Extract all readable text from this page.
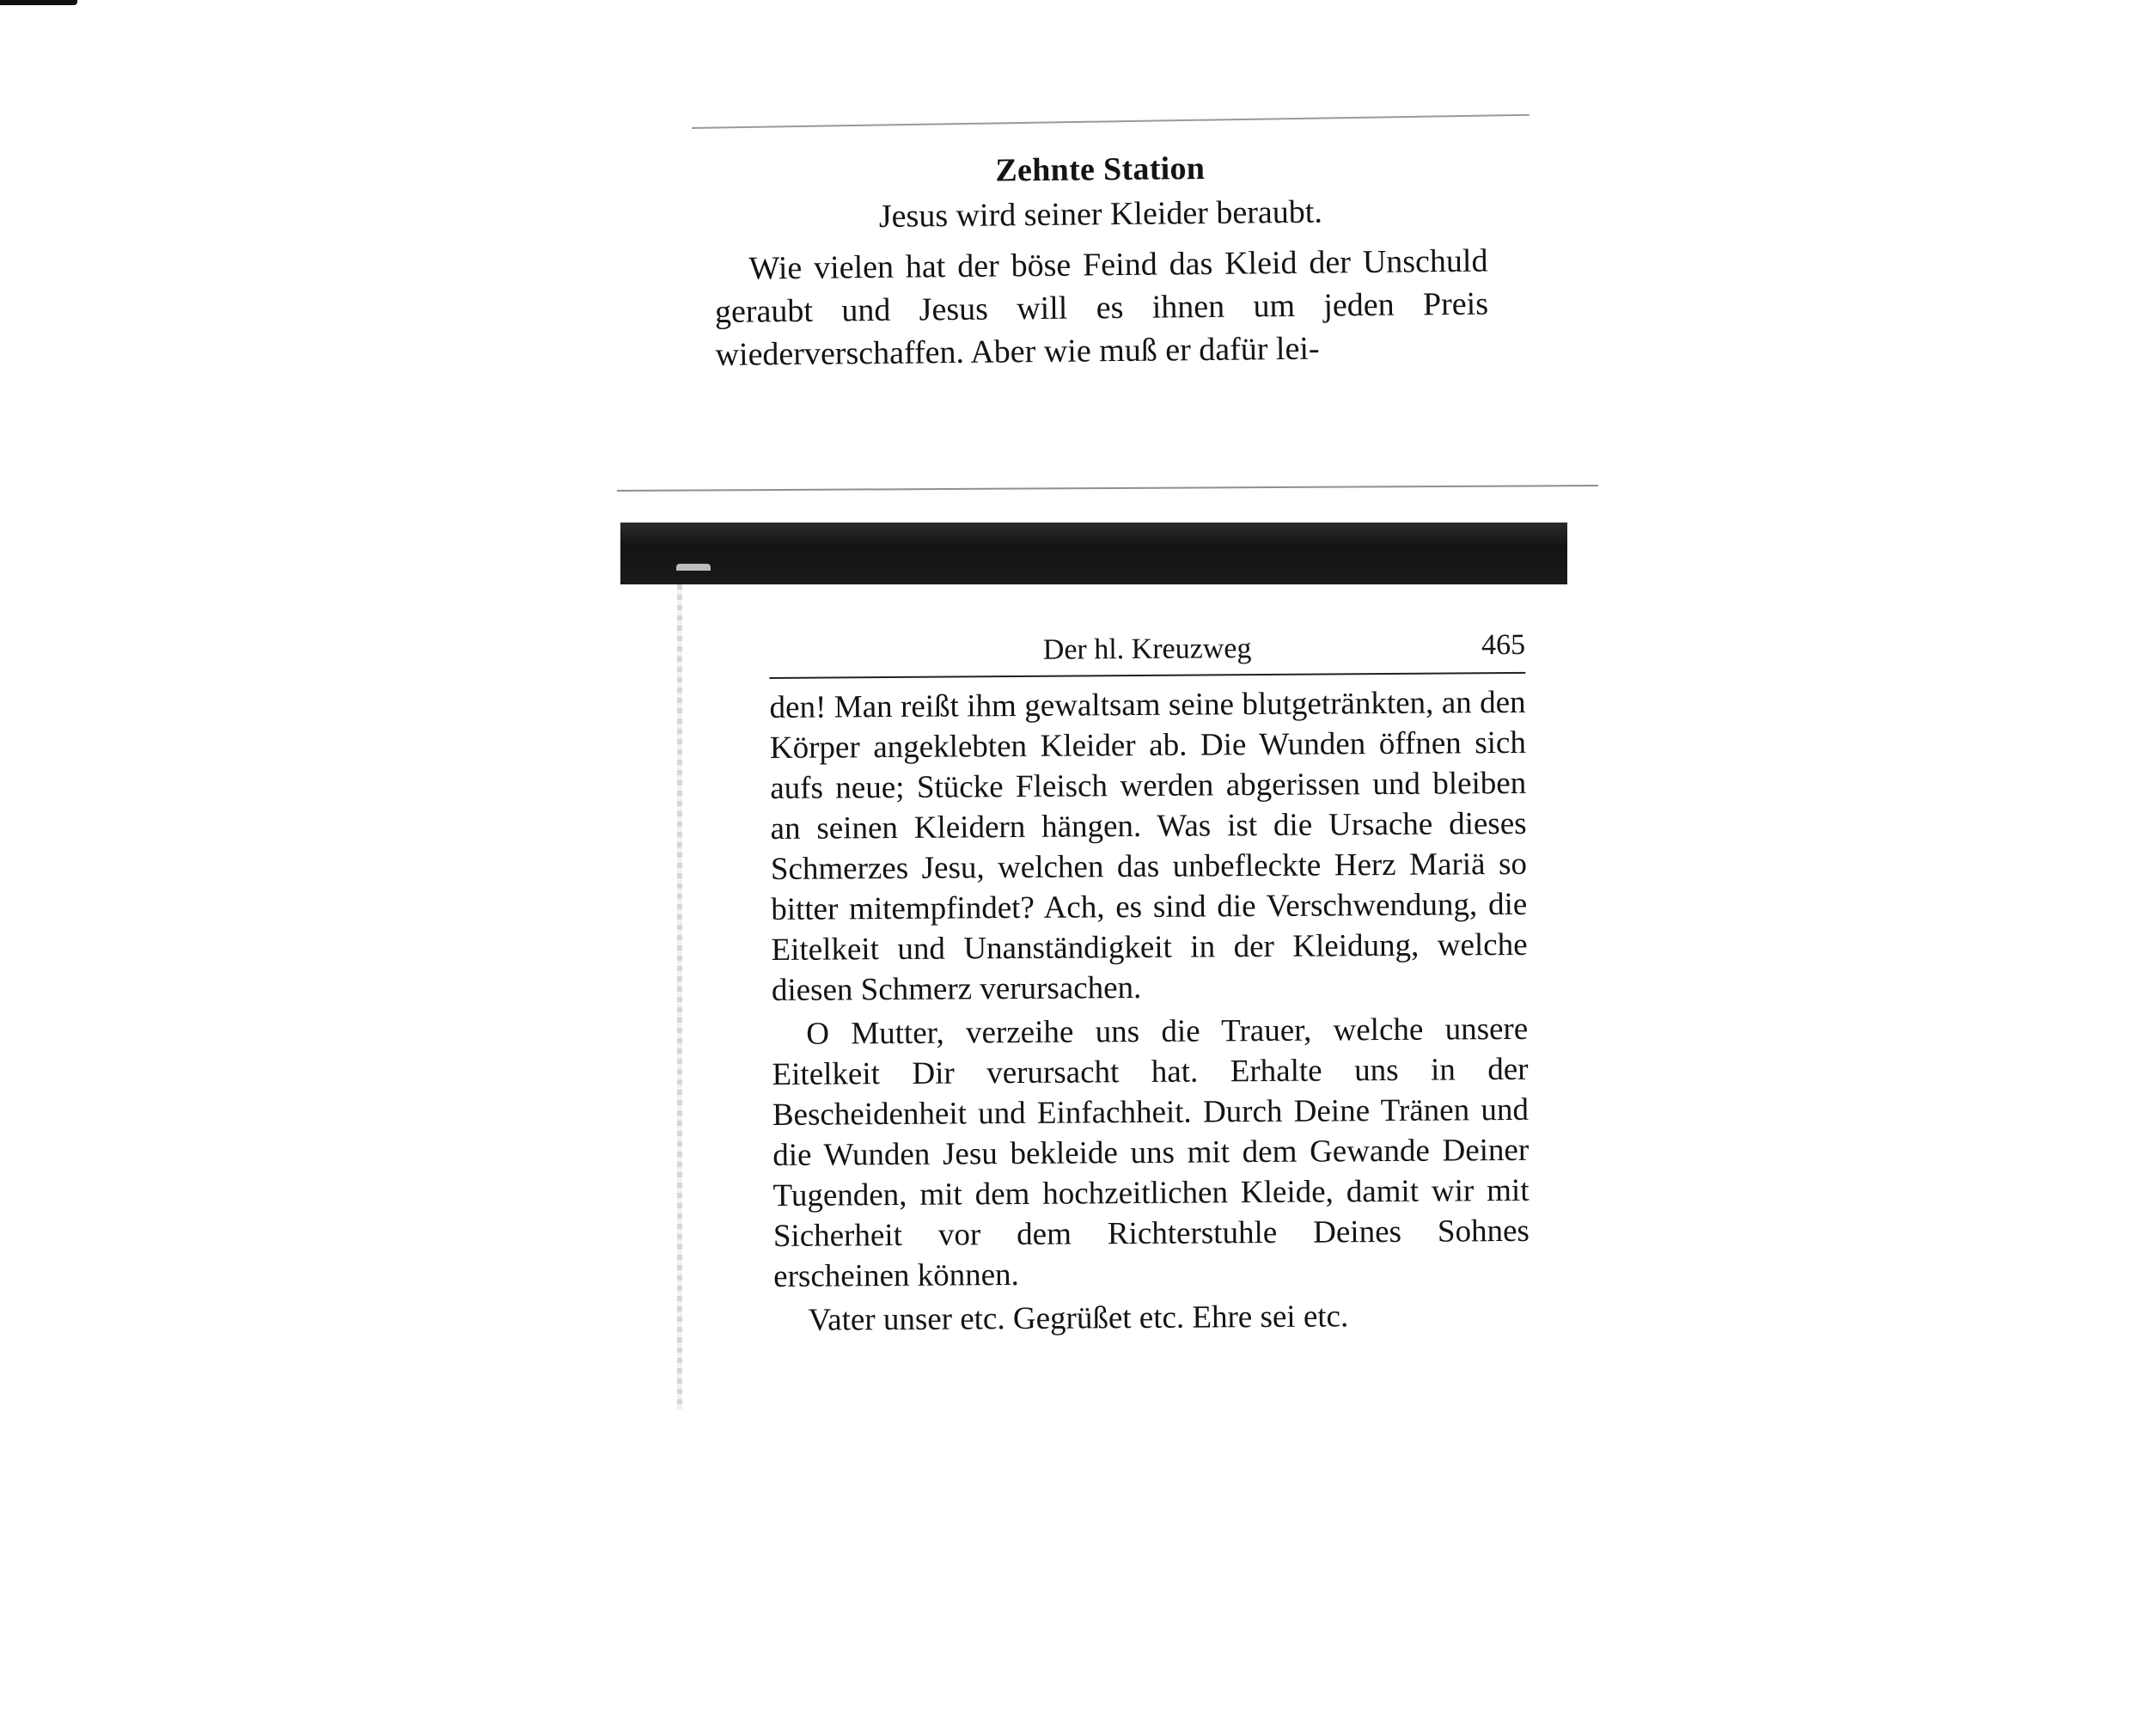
Zehnte Station

Jesus wird seiner Kleider beraubt.

Wie vielen hat der böse Feind das Kleid der Unschuld geraubt und Jesus will es ihnen um jeden Preis wiederverschaffen. Aber wie muß er dafür lei-

Der hl. Kreuzweg	465

den! Man reißt ihm gewaltsam seine blutgetränkten, an den Körper angeklebten Kleider ab. Die Wunden öffnen sich aufs neue; Stücke Fleisch werden abgerissen und bleiben an seinen Kleidern hängen. Was ist die Ursache dieses Schmerzes Jesu, welchen das unbefleckte Herz Mariä so bitter mitempfindet? Ach, es sind die Verschwendung, die Eitelkeit und Unanständigkeit in der Kleidung, welche diesen Schmerz verursachen.

O Mutter, verzeihe uns die Trauer, welche unsere Eitelkeit Dir verursacht hat. Erhalte uns in der Bescheidenheit und Einfachheit. Durch Deine Tränen und die Wunden Jesu bekleide uns mit dem Gewande Deiner Tugenden, mit dem hochzeitlichen Kleide, damit wir mit Sicherheit vor dem Richterstuhle Deines Sohnes erscheinen können.

Vater unser etc. Gegrüßet etc. Ehre sei etc.
